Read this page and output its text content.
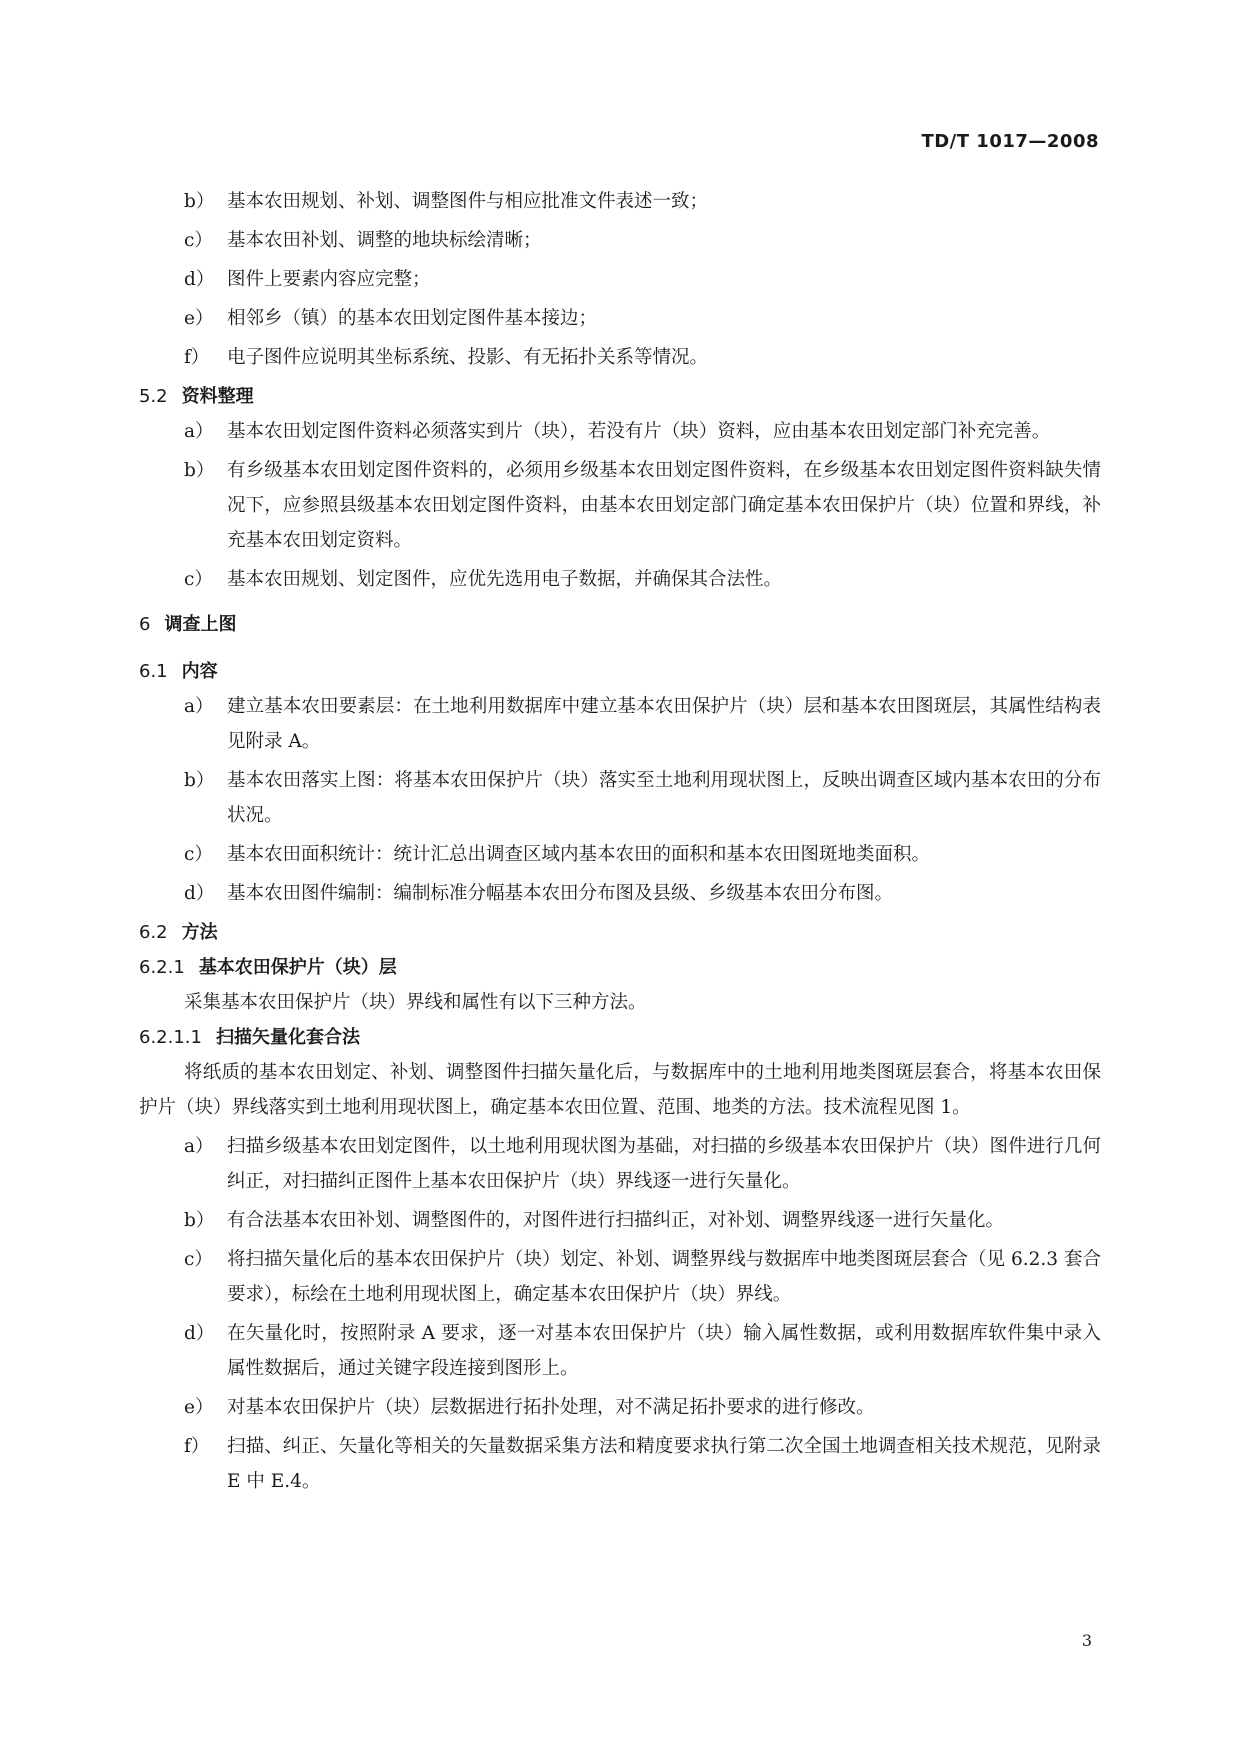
TD/T 1017—2008
b） 基本农田规划、补划、调整图件与相应批准文件表述一致；
c） 基本农田补划、调整的地块标绘清晰；
d） 图件上要素内容应完整；
e） 相邻乡（镇）的基本农田划定图件基本接边；
f） 电子图件应说明其坐标系统、投影、有无拓扑关系等情况。
5.2 资料整理
a） 基本农田划定图件资料必须落实到片（块），若没有片（块）资料，应由基本农田划定部门补充完善。
b） 有乡级基本农田划定图件资料的，必须用乡级基本农田划定图件资料，在乡级基本农田划定图件资料缺失情况下，应参照县级基本农田划定图件资料，由基本农田划定部门确定基本农田保护片（块）位置和界线，补充基本农田划定资料。
c） 基本农田规划、划定图件，应优先选用电子数据，并确保其合法性。
6 调查上图
6.1 内容
a） 建立基本农田要素层：在土地利用数据库中建立基本农田保护片（块）层和基本农田图斑层，其属性结构表见附录 A。
b） 基本农田落实上图：将基本农田保护片（块）落实至土地利用现状图上，反映出调查区域内基本农田的分布状况。
c） 基本农田面积统计：统计汇总出调查区域内基本农田的面积和基本农田图斑地类面积。
d） 基本农田图件编制：编制标准分幅基本农田分布图及县级、乡级基本农田分布图。
6.2 方法
6.2.1 基本农田保护片（块）层
采集基本农田保护片（块）界线和属性有以下三种方法。
6.2.1.1 扫描矢量化套合法
将纸质的基本农田划定、补划、调整图件扫描矢量化后，与数据库中的土地利用地类图斑层套合，将基本农田保护片（块）界线落实到土地利用现状图上，确定基本农田位置、范围、地类的方法。技术流程见图 1。
a） 扫描乡级基本农田划定图件，以土地利用现状图为基础，对扫描的乡级基本农田保护片（块）图件进行几何纠正，对扫描纠正图件上基本农田保护片（块）界线逐一进行矢量化。
b） 有合法基本农田补划、调整图件的，对图件进行扫描纠正，对补划、调整界线逐一进行矢量化。
c） 将扫描矢量化后的基本农田保护片（块）划定、补划、调整界线与数据库中地类图斑层套合（见 6.2.3 套合要求），标绘在土地利用现状图上，确定基本农田保护片（块）界线。
d） 在矢量化时，按照附录 A 要求，逐一对基本农田保护片（块）输入属性数据，或利用数据库软件集中录入属性数据后，通过关键字段连接到图形上。
e） 对基本农田保护片（块）层数据进行拓扑处理，对不满足拓扑要求的进行修改。
f） 扫描、纠正、矢量化等相关的矢量数据采集方法和精度要求执行第二次全国土地调查相关技术规范，见附录 E 中 E.4。
3
